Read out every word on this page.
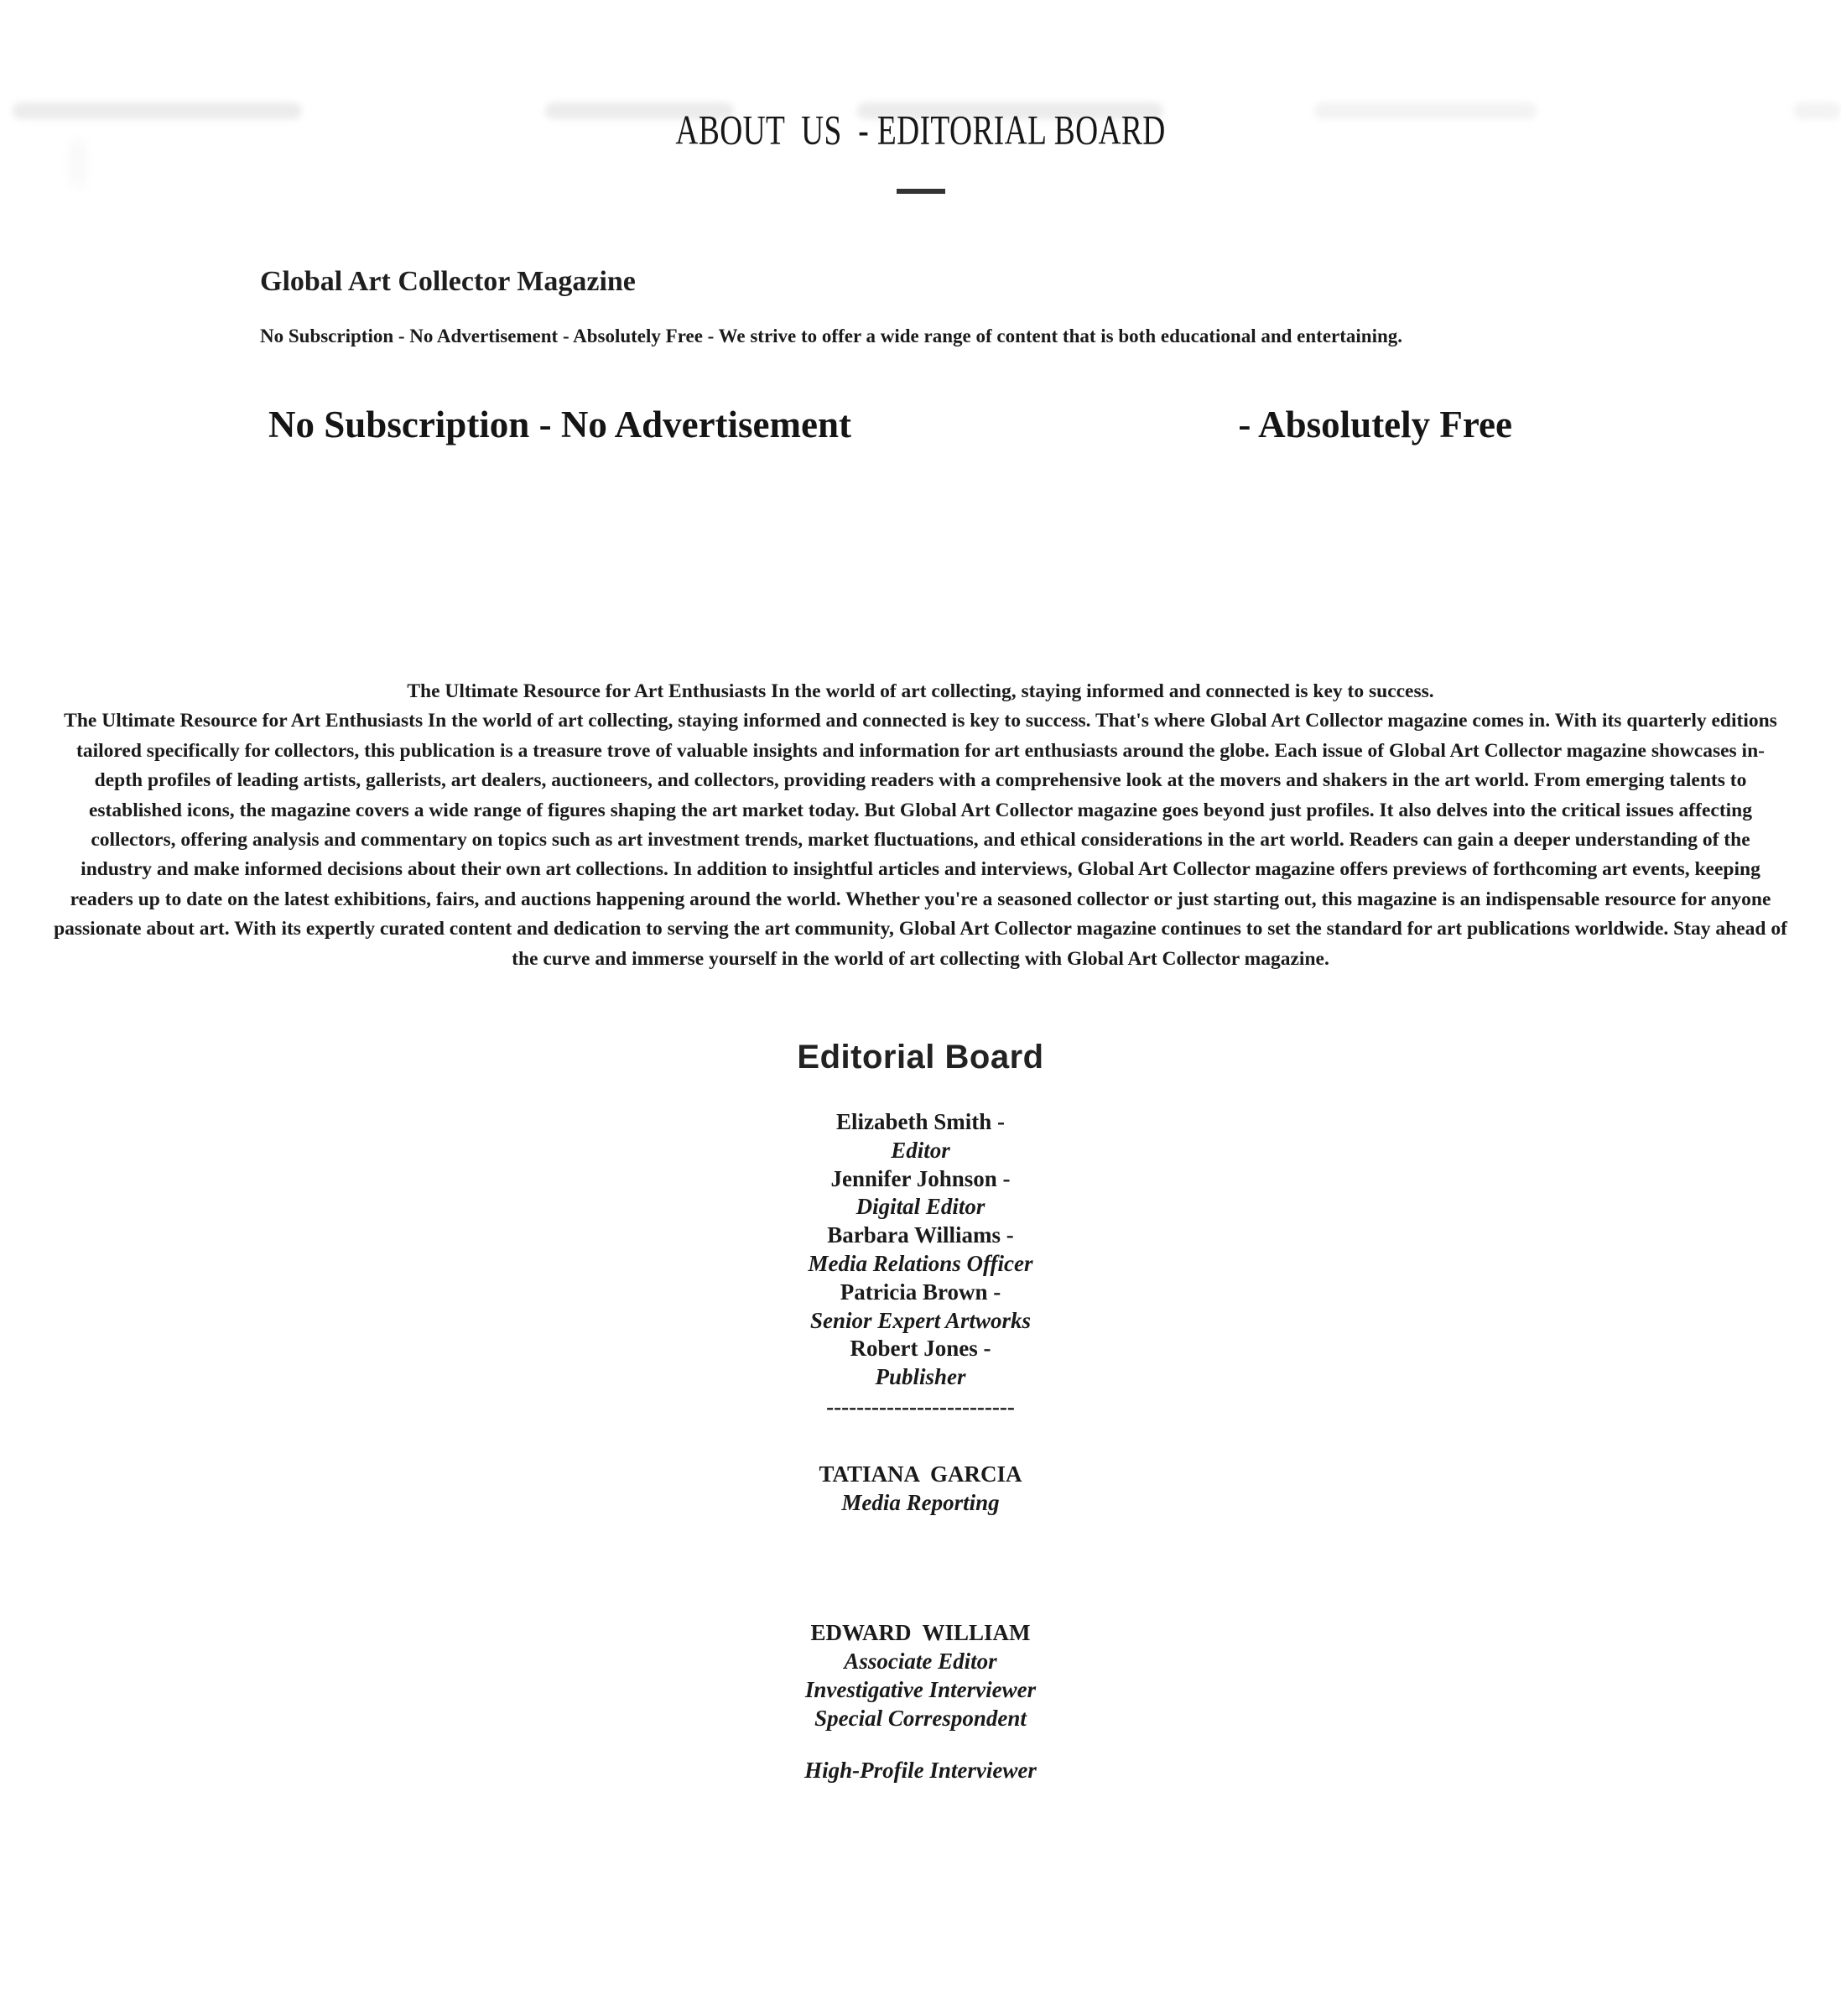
ABOUT  US  - EDITORIAL BOARD
Global Art Collector Magazine

No Subscription - No Advertisement - Absolutely Free - We strive to offer a wide range of content that is both educational and entertaining.

No Subscription - No Advertisement	- Absolutely Free

The Ultimate Resource for Art Enthusiasts In the world of art collecting, staying informed and connected is key to success.

The Ultimate Resource for Art Enthusiasts In the world of art collecting, staying informed and connected is key to success. That's where Global Art Collector magazine comes in. With its quarterly editions tailored specifically for collectors, this publication is a treasure trove of valuable insights and information for art enthusiasts around the globe. Each issue of Global Art Collector magazine showcases in-depth profiles of leading artists, gallerists, art dealers, auctioneers, and collectors, providing readers with a comprehensive look at the movers and shakers in the art world. From emerging talents to established icons, the magazine covers a wide range of figures shaping the art market today. But Global Art Collector magazine goes beyond just profiles. It also delves into the critical issues affecting collectors, offering analysis and commentary on topics such as art investment trends, market fluctuations, and ethical considerations in the art world. Readers can gain a deeper understanding of the industry and make informed decisions about their own art collections. In addition to insightful articles and interviews, Global Art Collector magazine offers previews of forthcoming art events, keeping readers up to date on the latest exhibitions, fairs, and auctions happening around the world. Whether you're a seasoned collector or just starting out, this magazine is an indispensable resource for anyone passionate about art. With its expertly curated content and dedication to serving the art community, Global Art Collector magazine continues to set the standard for art publications worldwide. Stay ahead of the curve and immerse yourself in the world of art collecting with Global Art Collector magazine.

Editorial Board
Elizabeth Smith -
Editor
Jennifer Johnson -
Digital Editor
Barbara Williams -
Media Relations Officer
Patricia Brown -
Senior Expert Artworks
Robert Jones -
Publisher
-------------------------
TATIANA  GARCIA
Media Reporting
EDWARD  WILLIAM
Associate Editor
Investigative Interviewer
Special Correspondent
High-Profile Interviewer
